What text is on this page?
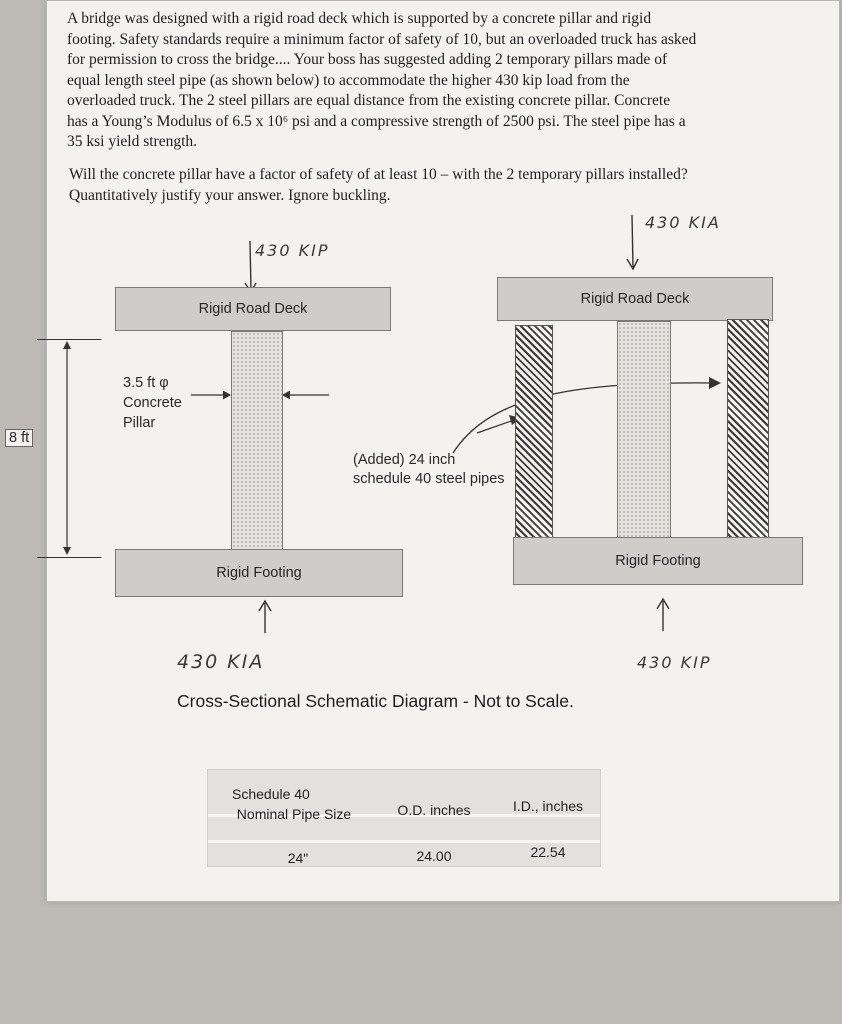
A bridge was designed with a rigid road deck which is supported by a concrete pillar and rigid
footing. Safety standards require a minimum factor of safety of 10, but an overloaded truck has asked
for permission to cross the bridge.... Your boss has suggested adding 2 temporary pillars made of
equal length steel pipe (as shown below) to accommodate the higher 430 kip load from the
overloaded truck. The 2 steel pillars are equal distance from the existing concrete pillar. Concrete
has a Young’s Modulus of 6.5 x 10⁶ psi and a compressive strength of 2500 psi. The steel pipe has a
35 ksi yield strength.
Will the concrete pillar have a factor of safety of at least 10 – with the 2 temporary pillars installed?
Quantitatively justify your answer. Ignore buckling.
430 KIP
Rigid Road Deck
3.5 ft φ
Concrete
Pillar
8 ft
Rigid Footing
430 KIA
(Added) 24 inch
schedule 40 steel pipes
430 KIA
Rigid Road Deck
Rigid Footing
430 KIP
Cross-Sectional Schematic Diagram - Not to Scale.
Schedule 40
Nominal Pipe Size	O.D. inches	I.D., inches
24"	24.00	22.54
